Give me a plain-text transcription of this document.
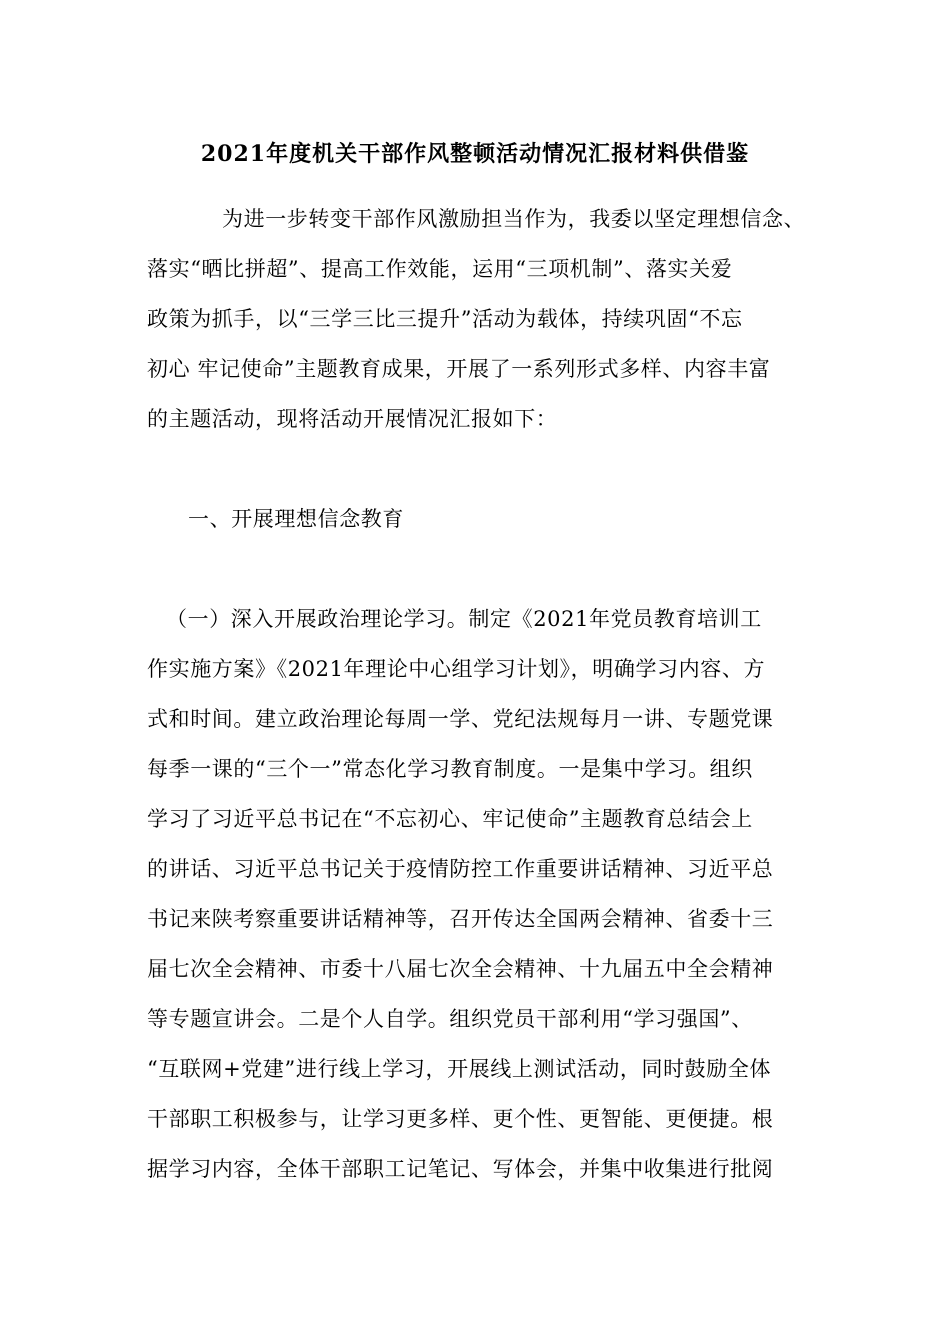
2021年度机关干部作风整顿活动情况汇报材料供借鉴
为进一步转变干部作风激励担当作为，我委以坚定理想信念、
落实“晒比拼超”、提高工作效能，运用“三项机制”、落实关爱
政策为抓手，以“三学三比三提升”活动为载体，持续巩固“不忘
初心 牢记使命”主题教育成果，开展了一系列形式多样、内容丰富
的主题活动，现将活动开展情况汇报如下：
一、开展理想信念教育
（一）深入开展政治理论学习。制定《2021年党员教育培训工
作实施方案》《2021年理论中心组学习计划》，明确学习内容、方
式和时间。建立政治理论每周一学、党纪法规每月一讲、专题党课
每季一课的“三个一”常态化学习教育制度。一是集中学习。组织
学习了习近平总书记在“不忘初心、牢记使命”主题教育总结会上
的讲话、习近平总书记关于疫情防控工作重要讲话精神、习近平总
书记来陕考察重要讲话精神等，召开传达全国两会精神、省委十三
届七次全会精神、市委十八届七次全会精神、十九届五中全会精神
等专题宣讲会。二是个人自学。组织党员干部利用“学习强国”、
“互联网+党建”进行线上学习，开展线上测试活动，同时鼓励全体
干部职工积极参与，让学习更多样、更个性、更智能、更便捷。根
据学习内容，全体干部职工记笔记、写体会，并集中收集进行批阅
